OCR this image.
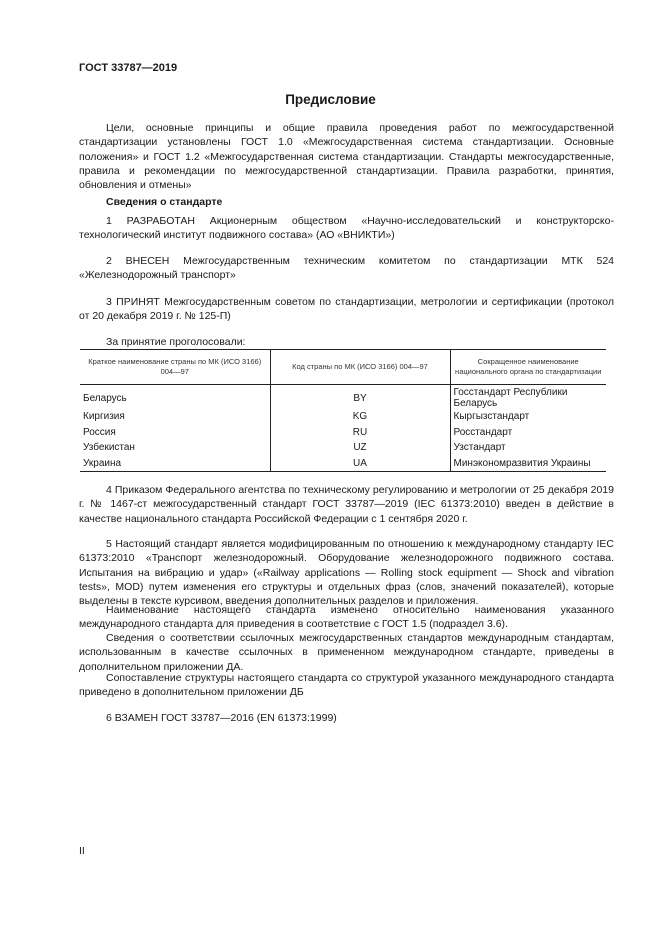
ГОСТ 33787—2019
Предисловие
Цели, основные принципы и общие правила проведения работ по межгосударственной стандартизации установлены ГОСТ 1.0 «Межгосударственная система стандартизации. Основные положения» и ГОСТ 1.2 «Межгосударственная система стандартизации. Стандарты межгосударственные, правила и рекомендации по межгосударственной стандартизации. Правила разработки, принятия, обновления и отмены»
Сведения о стандарте
1 РАЗРАБОТАН Акционерным обществом «Научно-исследовательский и конструкторско-технологический институт подвижного состава» (АО «ВНИКТИ»)
2 ВНЕСЕН Межгосударственным техническим комитетом по стандартизации МТК 524 «Железнодорожный транспорт»
3 ПРИНЯТ Межгосударственным советом по стандартизации, метрологии и сертификации (протокол от 20 декабря 2019 г. № 125-П)
За принятие проголосовали:
Краткое наименование страны по МК (ИСО 3166) 004—97	Код страны по МК (ИСО 3166) 004—97	Сокращенное наименование национального органа по стандартизации
Беларусь	BY	Госстандарт Республики Беларусь
Киргизия	KG	Кыргызстандарт
Россия	RU	Росстандарт
Узбекистан	UZ	Узстандарт
Украина	UA	Минэкономразвития Украины
4 Приказом Федерального агентства по техническому регулированию и метрологии от 25 декабря 2019 г. № 1467-ст межгосударственный стандарт ГОСТ 33787—2019 (IEC 61373:2010) введен в действие в качестве национального стандарта Российской Федерации с 1 сентября 2020 г.
5 Настоящий стандарт является модифицированным по отношению к международному стандарту IEC 61373:2010 «Транспорт железнодорожный. Оборудование железнодорожного подвижного состава. Испытания на вибрацию и удар» («Railway applications — Rolling stock equipment — Shock and vibration tests», MOD) путем изменения его структуры и отдельных фраз (слов, значений показателей), которые выделены в тексте курсивом, введения дополнительных разделов и приложения.
Наименование настоящего стандарта изменено относительно наименования указанного международного стандарта для приведения в соответствие с ГОСТ 1.5 (подраздел 3.6).
Сведения о соответствии ссылочных межгосударственных стандартов международным стандартам, использованным в качестве ссылочных в примененном международном стандарте, приведены в дополнительном приложении ДА.
Сопоставление структуры настоящего стандарта со структурой указанного международного стандарта приведено в дополнительном приложении ДБ
6 ВЗАМЕН ГОСТ 33787—2016 (EN 61373:1999)
II
